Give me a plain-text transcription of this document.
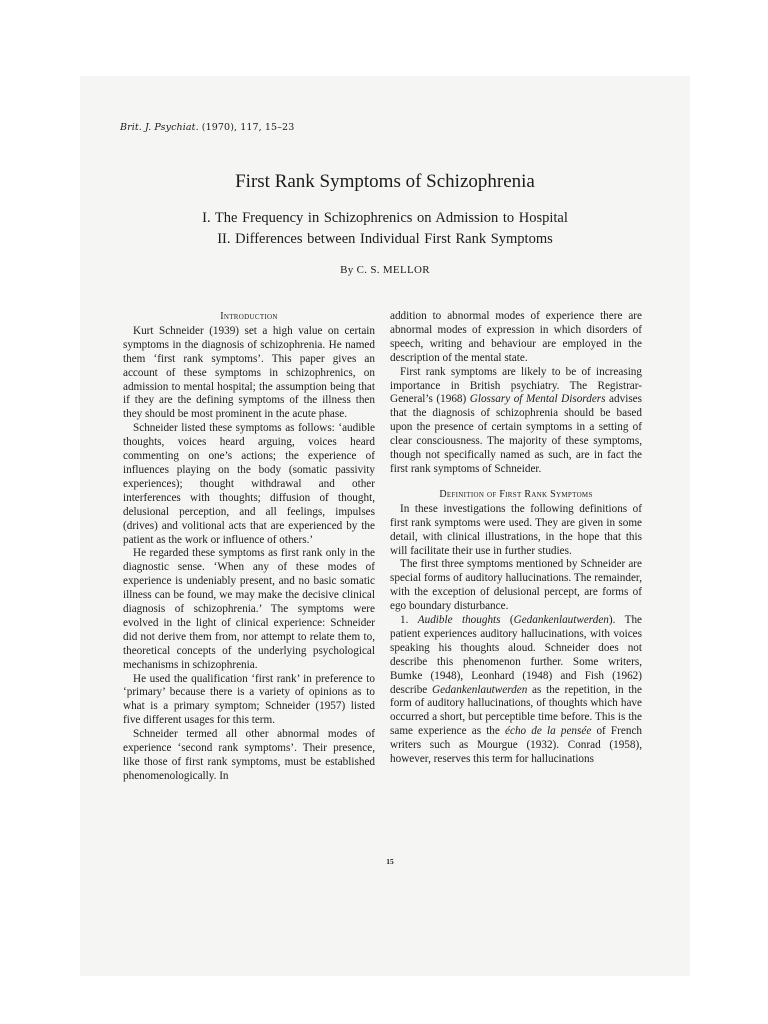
Brit. J. Psychiat. (1970), 117, 15–23
First Rank Symptoms of Schizophrenia
I. The Frequency in Schizophrenics on Admission to Hospital
II. Differences between Individual First Rank Symptoms
By C. S. MELLOR
Introduction

Kurt Schneider (1939) set a high value on certain symptoms in the diagnosis of schizophrenia. He named them ‘first rank symptoms’. This paper gives an account of these symptoms in schizophrenics, on admission to mental hospital; the assumption being that if they are the defining symptoms of the illness then they should be most prominent in the acute phase.

Schneider listed these symptoms as follows: ‘audible thoughts, voices heard arguing, voices heard commenting on one’s actions; the experience of influences playing on the body (somatic passivity experiences); thought withdrawal and other interferences with thoughts; diffusion of thought, delusional perception, and all feelings, impulses (drives) and volitional acts that are experienced by the patient as the work or influence of others.’

He regarded these symptoms as first rank only in the diagnostic sense. ‘When any of these modes of experience is undeniably present, and no basic somatic illness can be found, we may make the decisive clinical diagnosis of schizophrenia.’ The symptoms were evolved in the light of clinical experience: Schneider did not derive them from, nor attempt to relate them to, theoretical concepts of the underlying psychological mechanisms in schizophrenia.

He used the qualification ‘first rank’ in preference to ‘primary’ because there is a variety of opinions as to what is a primary symptom; Schneider (1957) listed five different usages for this term.

Schneider termed all other abnormal modes of experience ‘second rank symptoms’. Their presence, like those of first rank symptoms, must be established phenomenologically. In

addition to abnormal modes of experience there are abnormal modes of expression in which disorders of speech, writing and behaviour are employed in the description of the mental state.

First rank symptoms are likely to be of increasing importance in British psychiatry. The Registrar-General’s (1968) Glossary of Mental Disorders advises that the diagnosis of schizophrenia should be based upon the presence of certain symptoms in a setting of clear consciousness. The majority of these symptoms, though not specifically named as such, are in fact the first rank symptoms of Schneider.

Definition of First Rank Symptoms

In these investigations the following definitions of first rank symptoms were used. They are given in some detail, with clinical illustrations, in the hope that this will facilitate their use in further studies.

The first three symptoms mentioned by Schneider are special forms of auditory hallucinations. The remainder, with the exception of delusional percept, are forms of ego boundary disturbance.

1. Audible thoughts (Gedankenlautwerden). The patient experiences auditory hallucinations, with voices speaking his thoughts aloud. Schneider does not describe this phenomenon further. Some writers, Bumke (1948), Leonhard (1948) and Fish (1962) describe Gedankenlautwerden as the repetition, in the form of auditory hallucinations, of thoughts which have occurred a short, but perceptible time before. This is the same experience as the écho de la pensée of French writers such as Mourgue (1932). Conrad (1958), however, reserves this term for hallucinations

15
